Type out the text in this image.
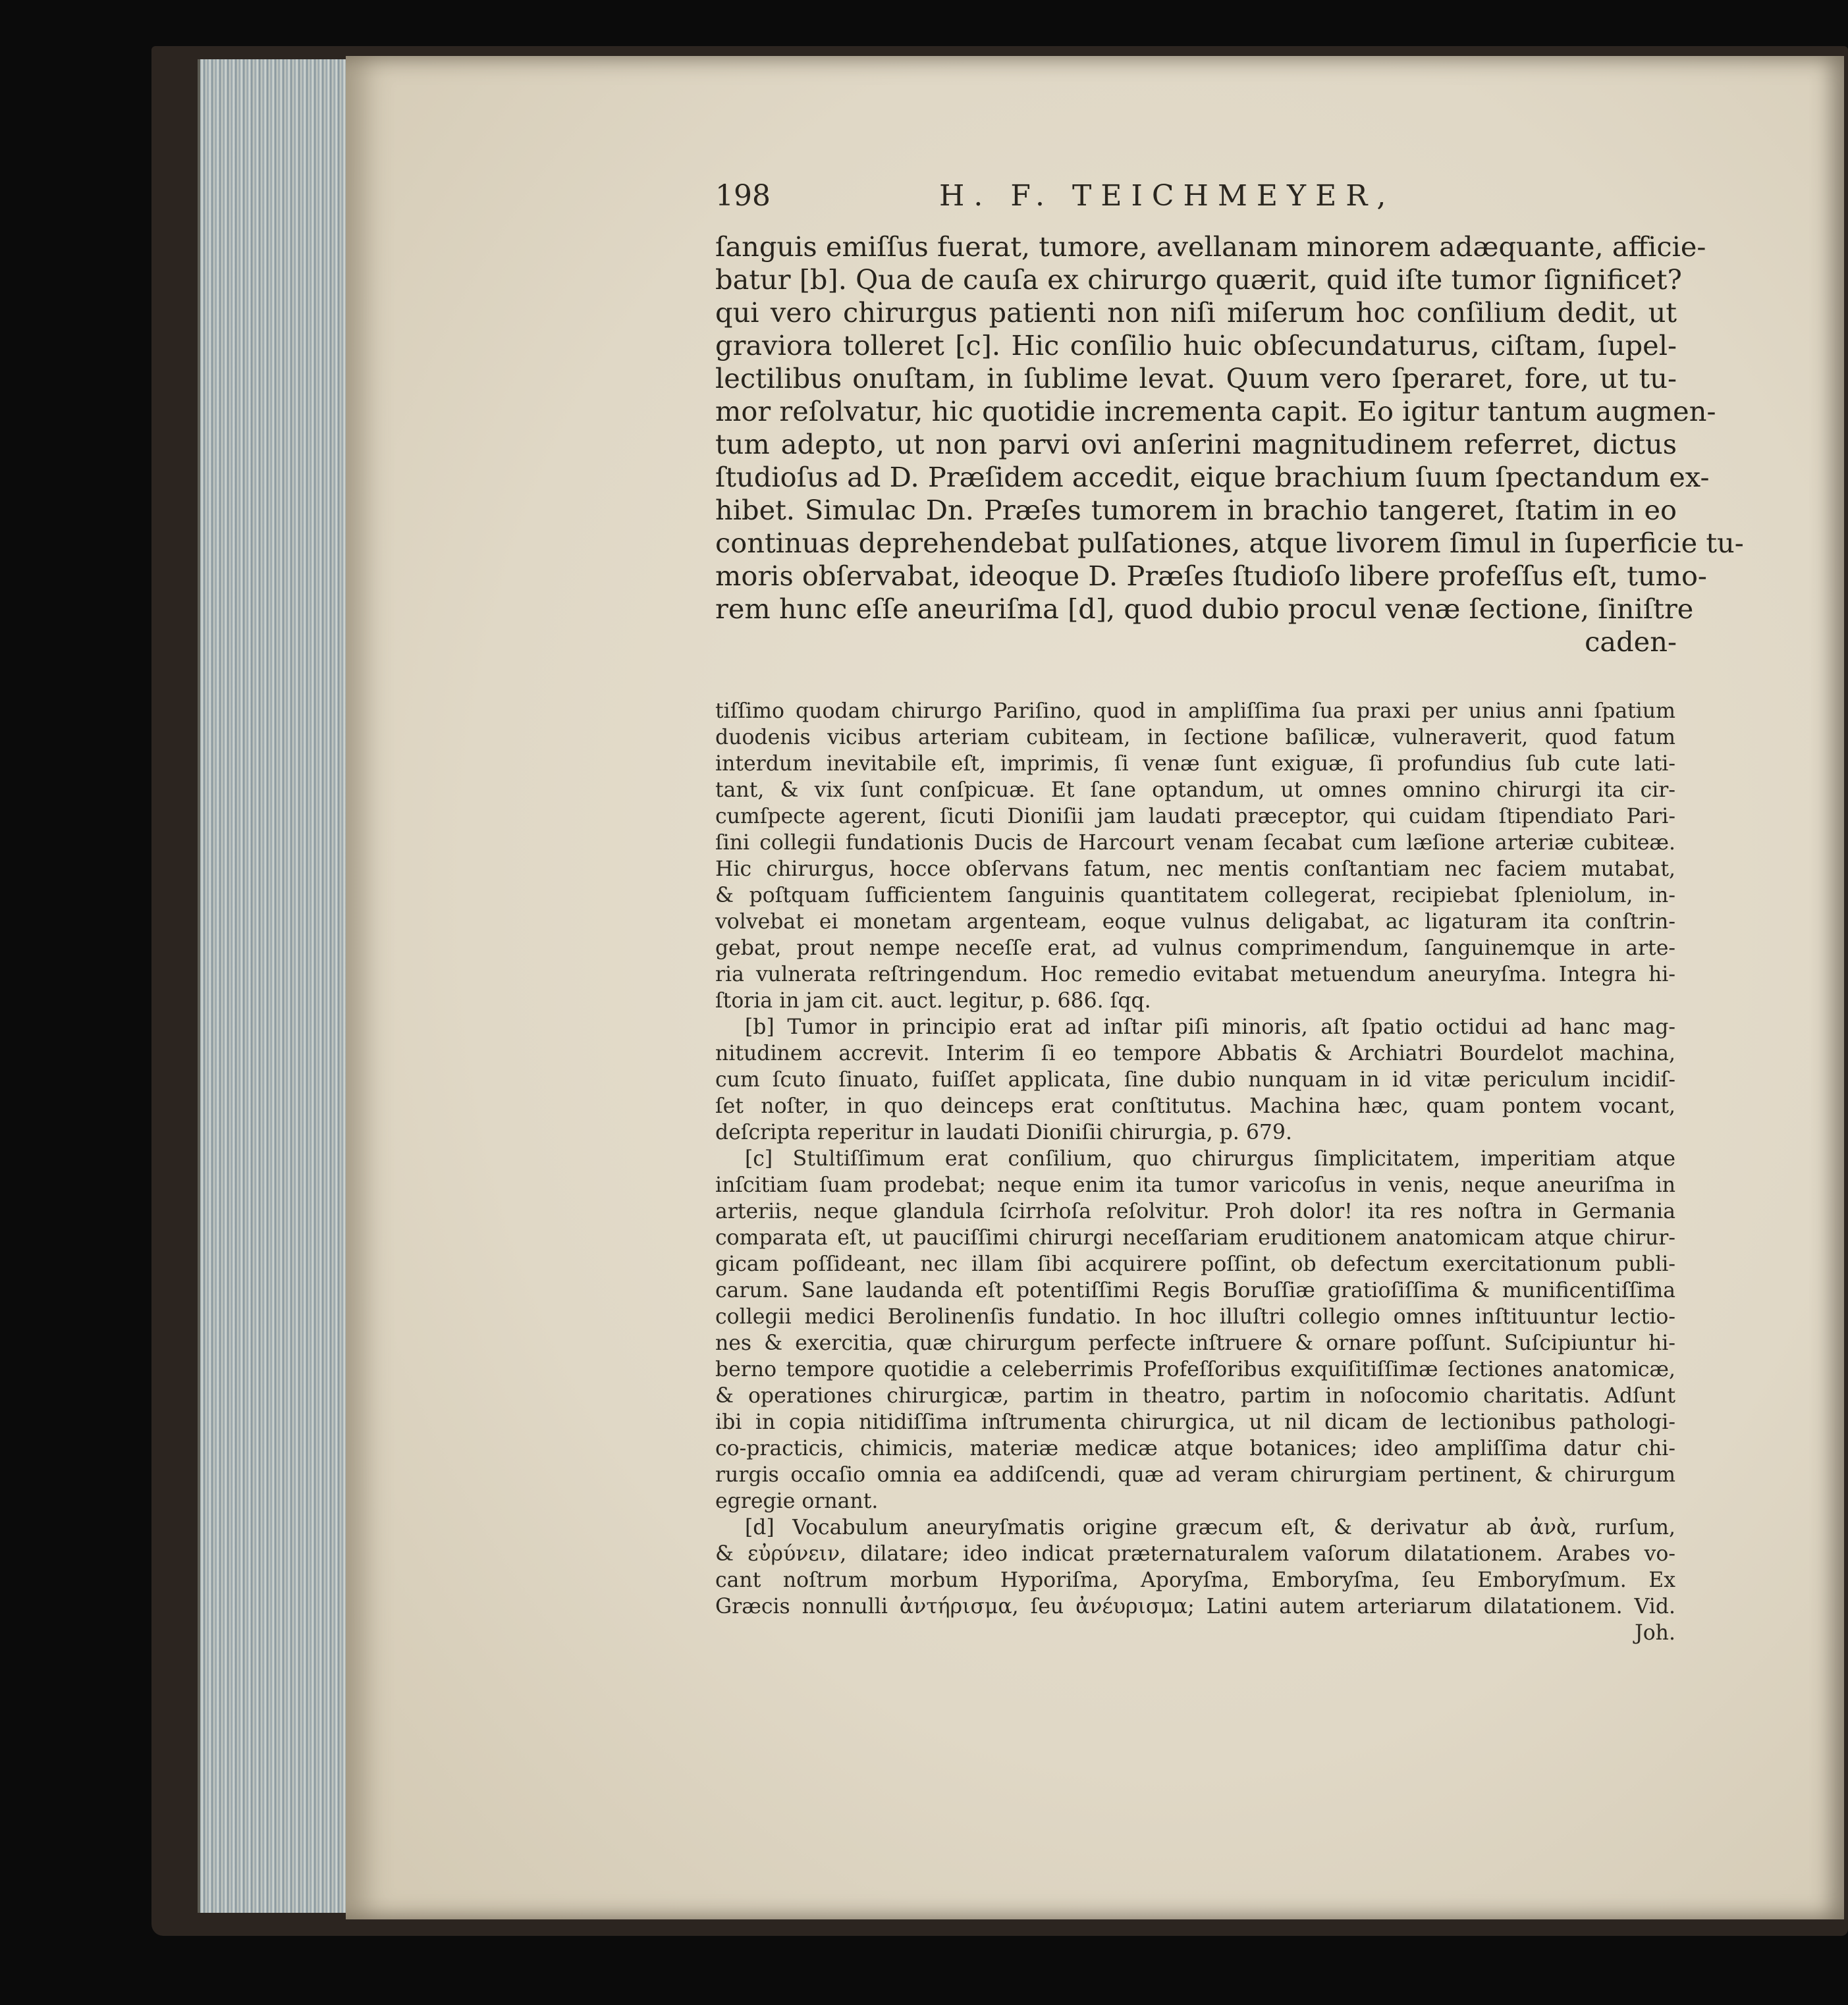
198	H. F. TEICHMEYER,
ſanguis emiſſus fuerat, tumore, avellanam minorem adæquante, afficie-
batur [b]. Qua de cauſa ex chirurgo quærit, quid iſte tumor ſignificet?
qui vero chirurgus patienti non niſi miſerum hoc conſilium dedit, ut
graviora tolleret [c]. Hic conſilio huic obſecundaturus, ciſtam, ſupel-
lectilibus onuſtam, in ſublime levat. Quum vero ſperaret, fore, ut tu-
mor reſolvatur, hic quotidie incrementa capit. Eo igitur tantum augmen-
tum adepto, ut non parvi ovi anſerini magnitudinem referret, dictus
ſtudioſus ad D. Præſidem accedit, eique brachium ſuum ſpectandum ex-
hibet. Simulac Dn. Præſes tumorem in brachio tangeret, ſtatim in eo
continuas deprehendebat pulſationes, atque livorem ſimul in ſuperficie tu-
moris obſervabat, ideoque D. Præſes ſtudioſo libere profeſſus eſt, tumo-
rem hunc eſſe aneuriſma [d], quod dubio procul venæ ſectione, ſiniſtre
caden-
tiſſimo quodam chirurgo Pariſino, quod in ampliſſima ſua praxi per unius anni ſpatium
duodenis vicibus arteriam cubiteam, in ſectione baſilicæ, vulneraverit, quod fatum
interdum inevitabile eſt, imprimis, ſi venæ ſunt exiguæ, ſi profundius ſub cute lati-
tant, & vix ſunt conſpicuæ. Et ſane optandum, ut omnes omnino chirurgi ita cir-
cumſpecte agerent, ſicuti Dioniſii jam laudati præceptor, qui cuidam ſtipendiato Pari-
ſini collegii fundationis Ducis de Harcourt venam ſecabat cum læſione arteriæ cubiteæ.
Hic chirurgus, hocce obſervans fatum, nec mentis conſtantiam nec faciem mutabat,
& poſtquam ſufficientem ſanguinis quantitatem collegerat, recipiebat ſpleniolum, in-
volvebat ei monetam argenteam, eoque vulnus deligabat, ac ligaturam ita conſtrin-
gebat, prout nempe neceſſe erat, ad vulnus comprimendum, ſanguinemque in arte-
ria vulnerata reſtringendum. Hoc remedio evitabat metuendum aneuryſma. Integra hi-
ſtoria in jam cit. auct. legitur, p. 686. ſqq.
[b] Tumor in principio erat ad inſtar piſi minoris, aſt ſpatio octidui ad hanc mag-
nitudinem accrevit. Interim ſi eo tempore Abbatis & Archiatri Bourdelot machina,
cum ſcuto ſinuato, fuiſſet applicata, ſine dubio nunquam in id vitæ periculum incidiſ-
ſet noſter, in quo deinceps erat conſtitutus. Machina hæc, quam pontem vocant,
deſcripta reperitur in laudati Dioniſii chirurgia, p. 679.
[c] Stultiſſimum erat conſilium, quo chirurgus ſimplicitatem, imperitiam atque
inſcitiam ſuam prodebat; neque enim ita tumor varicoſus in venis, neque aneuriſma in
arteriis, neque glandula ſcirrhoſa reſolvitur. Proh dolor! ita res noſtra in Germania
comparata eſt, ut pauciſſimi chirurgi neceſſariam eruditionem anatomicam atque chirur-
gicam poſſideant, nec illam ſibi acquirere poſſint, ob defectum exercitationum publi-
carum. Sane laudanda eſt potentiſſimi Regis Boruſſiæ gratioſiſſima & munificentiſſima
collegii medici Berolinenſis fundatio. In hoc illuſtri collegio omnes inſtituuntur lectio-
nes & exercitia, quæ chirurgum perfecte inſtruere & ornare poſſunt. Suſcipiuntur hi-
berno tempore quotidie a celeberrimis Profeſſoribus exquiſitiſſimæ ſectiones anatomicæ,
& operationes chirurgicæ, partim in theatro, partim in noſocomio charitatis. Adſunt
ibi in copia nitidiſſima inſtrumenta chirurgica, ut nil dicam de lectionibus pathologi-
co-practicis, chimicis, materiæ medicæ atque botanices; ideo ampliſſima datur chi-
rurgis occaſio omnia ea addiſcendi, quæ ad veram chirurgiam pertinent, & chirurgum
egregie ornant.
[d] Vocabulum aneuryſmatis origine græcum eſt, & derivatur ab ἀνὰ, rurſum,
& εὐρύνειν, dilatare; ideo indicat præternaturalem vaſorum dilatationem. Arabes vo-
cant noſtrum morbum Hyporiſma, Aporyſma, Emboryſma, ſeu Emboryſmum. Ex
Græcis nonnulli ἀντήρισμα, ſeu ἀνέυρισμα; Latini autem arteriarum dilatationem. Vid.
Joh.
